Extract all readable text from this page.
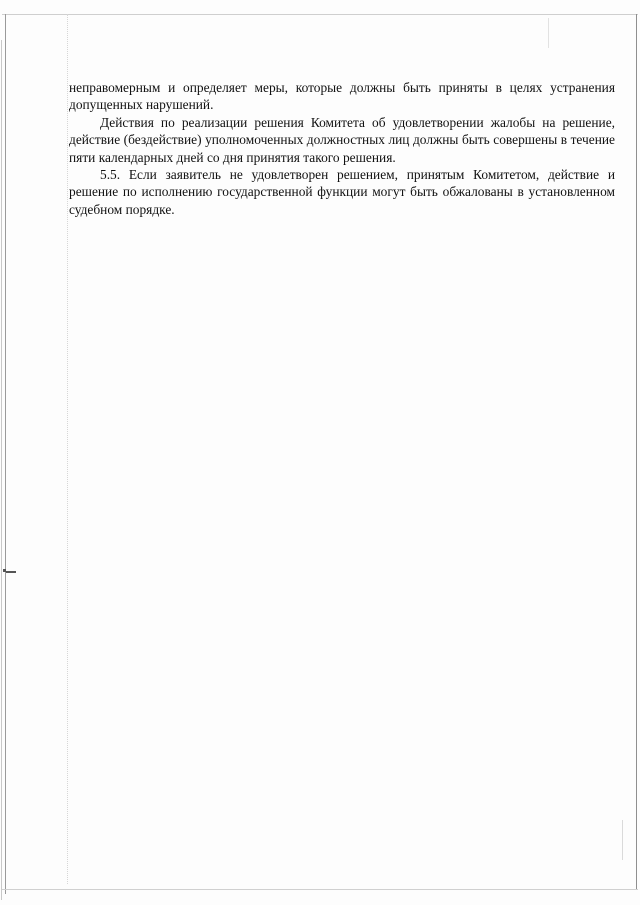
неправомерным и определяет меры, которые должны быть приняты в целях устранения допущенных нарушений.

Действия по реализации решения Комитета об удовлетворении жалобы на решение, действие (бездействие) уполномоченных должностных лиц должны быть совершены в течение пяти календарных дней со дня принятия такого решения.

5.5. Если заявитель не удовлетворен решением, принятым Комитетом, действие и решение по исполнению государственной функции могут быть обжалованы в установленном судебном порядке.
